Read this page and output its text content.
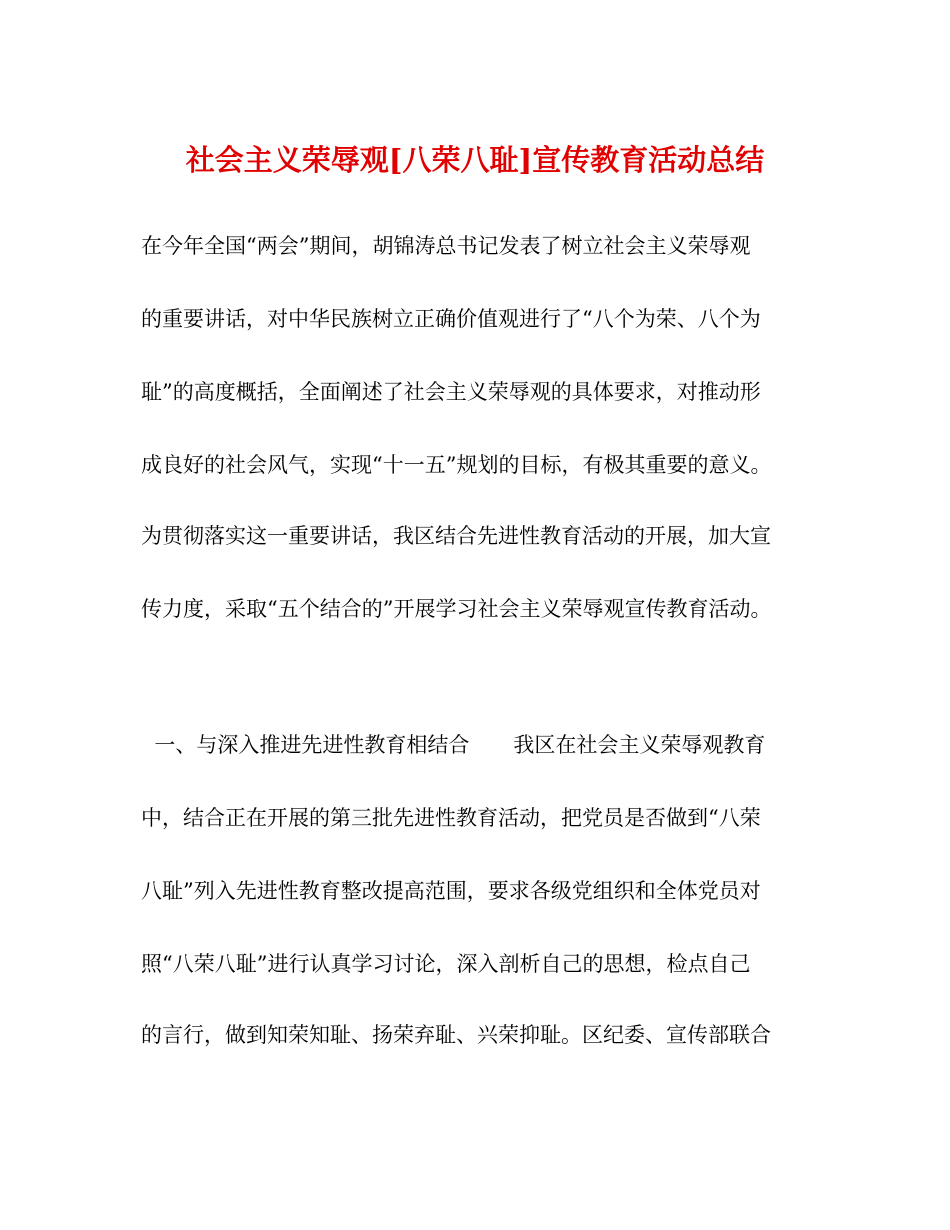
社会主义荣辱观[八荣八耻]宣传教育活动总结
在今年全国“两会”期间，胡锦涛总书记发表了树立社会主义荣辱观
的重要讲话，对中华民族树立正确价值观进行了“八个为荣、八个为
耻”的高度概括，全面阐述了社会主义荣辱观的具体要求，对推动形
成良好的社会风气，实现“十一五”规划的目标，有极其重要的意义。
为贯彻落实这一重要讲话，我区结合先进性教育活动的开展，加大宣
传力度，采取“五个结合的”开展学习社会主义荣辱观宣传教育活动。
一、与深入推进先进性教育相结合 我区在社会主义荣辱观教育
中，结合正在开展的第三批先进性教育活动，把党员是否做到“八荣
八耻”列入先进性教育整改提高范围，要求各级党组织和全体党员对
照“八荣八耻”进行认真学习讨论，深入剖析自己的思想，检点自己
的言行，做到知荣知耻、扬荣弃耻、兴荣抑耻。区纪委、宣传部联合
